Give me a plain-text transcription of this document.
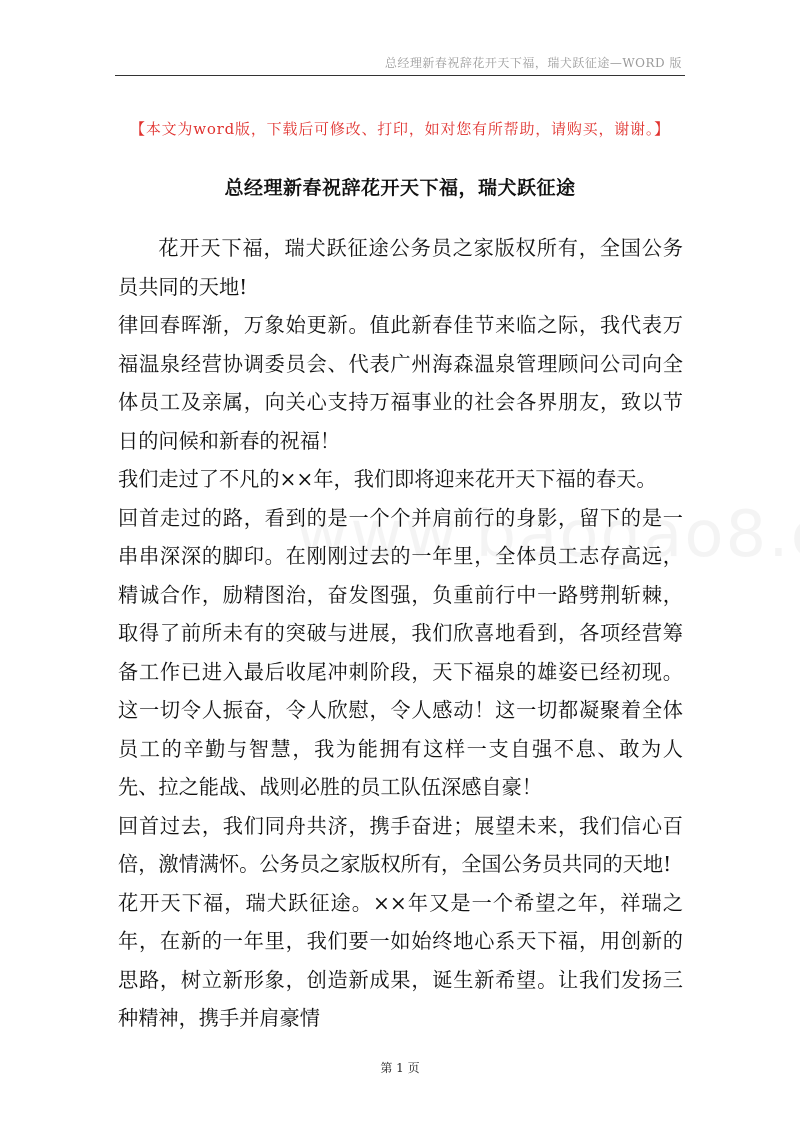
总经理新春祝辞花开天下福，瑞犬跃征途—WORD 版
【本文为word版，下载后可修改、打印，如对您有所帮助，请购买，谢谢。】
总经理新春祝辞花开天下福，瑞犬跃征途

花开天下福，瑞犬跃征途公务员之家版权所有，全国公务员共同的天地!

律回春晖渐，万象始更新。值此新春佳节来临之际，我代表万福温泉经营协调委员会、代表广州海森温泉管理顾问公司向全体员工及亲属，向关心支持万福事业的社会各界朋友，致以节日的问候和新春的祝福！

我们走过了不凡的××年，我们即将迎来花开天下福的春天。

回首走过的路，看到的是一个个并肩前行的身影，留下的是一串串深深的脚印。在刚刚过去的一年里，全体员工志存高远，精诚合作，励精图治，奋发图强，负重前行中一路劈荆斩棘，取得了前所未有的突破与进展，我们欣喜地看到，各项经营筹备工作已进入最后收尾冲刺阶段，天下福泉的雄姿已经初现。这一切令人振奋，令人欣慰，令人感动！这一切都凝聚着全体员工的辛勤与智慧，我为能拥有这样一支自强不息、敢为人先、拉之能战、战则必胜的员工队伍深感自豪！

回首过去，我们同舟共济，携手奋进；展望未来，我们信心百倍，激情满怀。公务员之家版权所有，全国公务员共同的天地!

花开天下福，瑞犬跃征途。××年又是一个希望之年，祥瑞之年，在新的一年里，我们要一如始终地心系天下福，用创新的思路，树立新形象，创造新成果，诞生新希望。让我们发扬三种精神，携手并肩豪情

第 1 页
